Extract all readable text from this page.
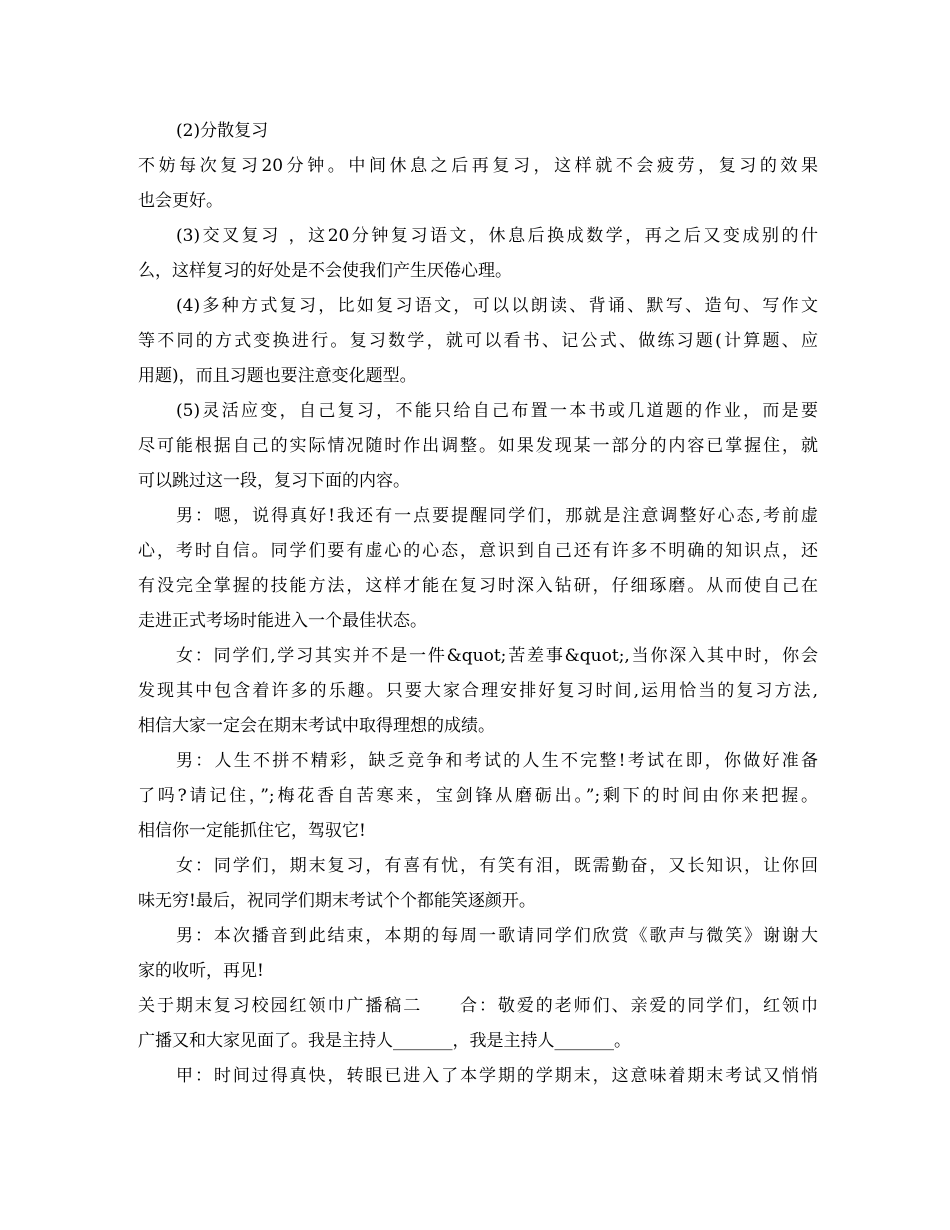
(2)分散复习
不妨每次复习20分钟。中间休息之后再复习，这样就不会疲劳，复习的效果
也会更好。
(3)交叉复习 ，这20分钟复习语文，休息后换成数学，再之后又变成别的什
么，这样复习的好处是不会使我们产生厌倦心理。
(4)多种方式复习，比如复习语文，可以以朗读、背诵、默写、造句、写作文
等不同的方式变换进行。复习数学，就可以看书、记公式、做练习题(计算题、应
用题)，而且习题也要注意变化题型。
(5)灵活应变，自己复习，不能只给自己布置一本书或几道题的作业，而是要
尽可能根据自己的实际情况随时作出调整。如果发现某一部分的内容已掌握住，就
可以跳过这一段，复习下面的内容。
男：嗯，说得真好!我还有一点要提醒同学们，那就是注意调整好心态,考前虚
心，考时自信。同学们要有虚心的心态，意识到自己还有许多不明确的知识点，还
有没完全掌握的技能方法，这样才能在复习时深入钻研，仔细琢磨。从而使自己在
走进正式考场时能进入一个最佳状态。
女：同学们,学习其实并不是一件&quot;苦差事&quot;,当你深入其中时，你会
发现其中包含着许多的乐趣。只要大家合理安排好复习时间,运用恰当的复习方法,
相信大家一定会在期末考试中取得理想的成绩。
男：人生不拼不精彩，缺乏竞争和考试的人生不完整!考试在即，你做好准备
了吗?请记住，”;梅花香自苦寒来，宝剑锋从磨砺出。”;剩下的时间由你来把握。
相信你一定能抓住它，驾驭它!
女：同学们，期末复习，有喜有忧，有笑有泪，既需勤奋，又长知识，让你回
味无穷!最后，祝同学们期末考试个个都能笑逐颜开。
男：本次播音到此结束，本期的每周一歌请同学们欣赏《歌声与微笑》谢谢大
家的收听，再见!
关于期末复习校园红领巾广播稿二　　合：敬爱的老师们、亲爱的同学们，红领巾
广播又和大家见面了。我是主持人_______，我是主持人_______。
甲：时间过得真快，转眼已进入了本学期的学期末，这意味着期末考试又悄悄
